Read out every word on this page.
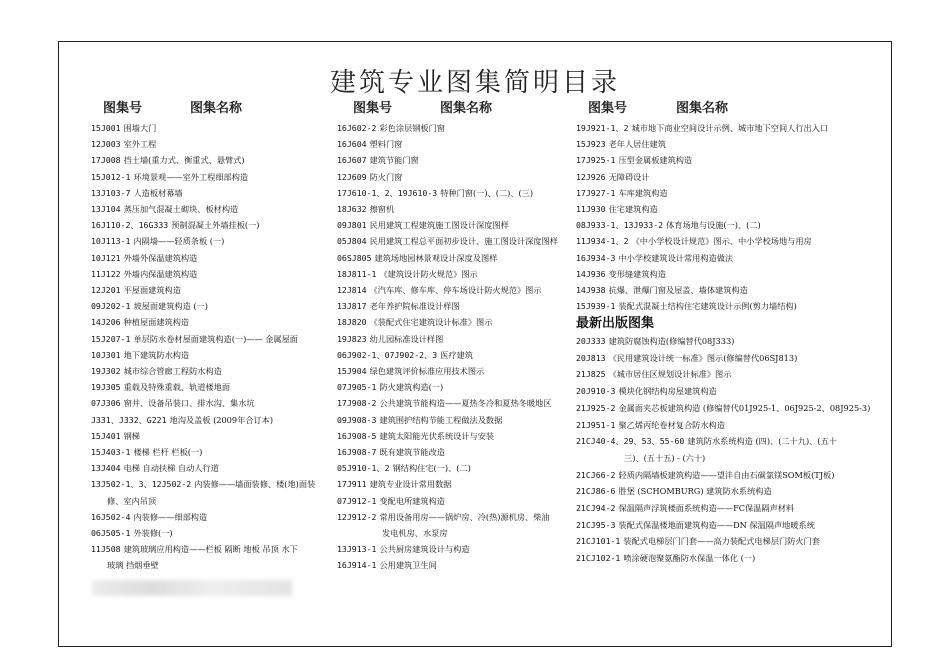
建筑专业图集简明目录
图集号	图集名称	图集号	图集名称	图集号	图集名称
15J001 围墙大门
12J003 室外工程
17J008 挡土墙(重力式、衡重式、悬臂式)
15J012-1 环境景观——室外工程细部构造
13J103-7 人造板材幕墙
13J104 蒸压加气混凝土砌块、板材构造
16J110-2、16G333 预制混凝土外墙挂板(一)
10J113-1 内隔墙——轻质条板 (一)
10J121 外墙外保温建筑构造
11J122 外墙内保温建筑构造
12J201 平屋面建筑构造
09J202-1 坡屋面建筑构造 (一)
14J206 种植屋面建筑构造
15J207-1 单层防水卷材屋面建筑构造(一)—— 金属屋面
10J301 地下建筑防水构造
19J302 城市综合管廊工程防水构造
19J305 重载及特殊重载、轨道楼地面
07J306 窗井、设备吊装口、排水沟、集水坑
J331、J332、G221 地沟及盖板 (2009年合订本)
15J401 钢梯
15J403-1 楼梯 栏杆 栏板(一)
13J404 电梯 自动扶梯 自动人行道
13J502-1、3、12J502-2 内装修——墙面装修、楼(地)面装
修、室内吊顶
16J502-4 内装修——细部构造
06J505-1 外装修(一)
11J508 建筑玻璃应用构造——栏板 隔断 地板 吊顶 水下
玻璃 挡烟垂壁
16J602-2 彩色涂层钢板门窗
16J604 塑料门窗
16J607 建筑节能门窗
12J609 防火门窗
17J610-1、2、19J610-3 特种门窗(一)、(二)、(三)
18J632 擦窗机
09J801 民用建筑工程建筑施工图设计深度图样
05J804 民用建筑工程总平面初步设计、施工图设计深度图样
06SJ805 建筑场地园林景观设计深度及图样
18J811-1 《建筑设计防火规范》图示
12J814 《汽车库、修车库、停车场设计防火规范》图示
13J817 老年养护院标准设计样图
18J820 《装配式住宅建筑设计标准》图示
19J823 幼儿园标准设计样图
06J902-1、07J902-2、3 医疗建筑
15J904 绿色建筑评价标准应用技术图示
07J905-1 防火建筑构造(一)
17J908-2 公共建筑节能构造——夏热冬冷和夏热冬暖地区
09J908-3 建筑围护结构节能工程做法及数据
16J908-5 建筑太阳能光伏系统设计与安装
16J908-7 既有建筑节能改造
05J910-1、2 钢结构住宅(一)、(二)
17J911 建筑专业设计常用数据
07J912-1 变配电所建筑构造
12J912-2 常用设备用房——锅炉房、冷(热)源机房、柴油
发电机房、水泵房
13J913-1 公共厨房建筑设计与构造
16J914-1 公用建筑卫生间
19J921-1、2 城市地下商业空间设计示例、城市地下空间人行出入口
15J923 老年人居住建筑
17J925-1 压型金属板建筑构造
12J926 无障碍设计
17J927-1 车库建筑构造
11J930 住宅建筑构造
08J933-1、13J933-2 体育场地与设施(一)、(二)
11J934-1、2 《中小学校设计规范》图示、中小学校场地与用房
16J934-3 中小学校建筑设计常用构造做法
14J936 变形缝建筑构造
14J938 抗爆、泄爆门窗及屋盖、墙体建筑构造
15J939-1 装配式混凝土结构住宅建筑设计示例(剪力墙结构)
最新出版图集
20J333 建筑防腐蚀构造(修编替代08J333)
20J813 《民用建筑设计统一标准》图示(修编替代06SJ813)
21J825 《城市居住区规划设计标准》图示
20J910-3 模块化钢结构房屋建筑构造
21J925-2 金属面夹芯板建筑构造 (修编替代01J925-1、06J925-2、08J925-3)
21J951-1 聚乙烯丙纶卷材复合防水构造
21CJ40-4、29、53、55-60 建筑防水系统构造 (四)、(二十九)、(五十
三)、(五十五) - (六十)
21CJ66-2 轻质内隔墙板建筑构造——望沣自由石碳氯镁SOM板(TJ板)
21CJ86-6 胜堡 (SCHOMBURG) 建筑防水系统构造
21CJ94-2 保温隔声浮筑楼面系统构造——FC保温隔声材料
21CJ95-3 装配式保温楼地面建筑构造——DN 保温隔声地暖系统
21CJ101-1 装配式电梯层门门套——高力装配式电梯层门防火门套
21CJ102-1 喷涂硬泡聚氨酯防水保温一体化 (一)
